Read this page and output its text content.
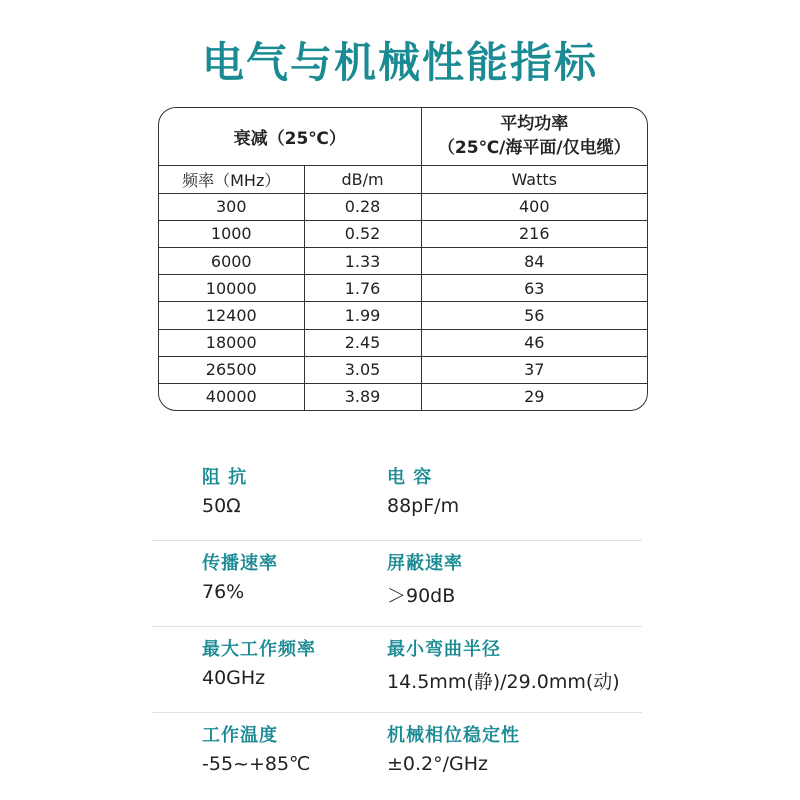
电气与机械性能指标
衰减（25℃）		平均功率
（25℃/海平面/仅电缆）

频率（MHz）	dB/m	Watts
300	0.28	400
1000	0.52	216
6000	1.33	84
10000	1.76	63
12400	1.99	56
18000	2.45	46
26500	3.05	37
40000	3.89	29
阻 抗
50Ω
电 容
88pF/m
传播速率
76%
屏蔽速率
＞90dB
最大工作频率
40GHz
最小弯曲半径
14.5mm(静)/29.0mm(动)
工作温度
-55~+85℃
机械相位稳定性
±0.2°/GHz
